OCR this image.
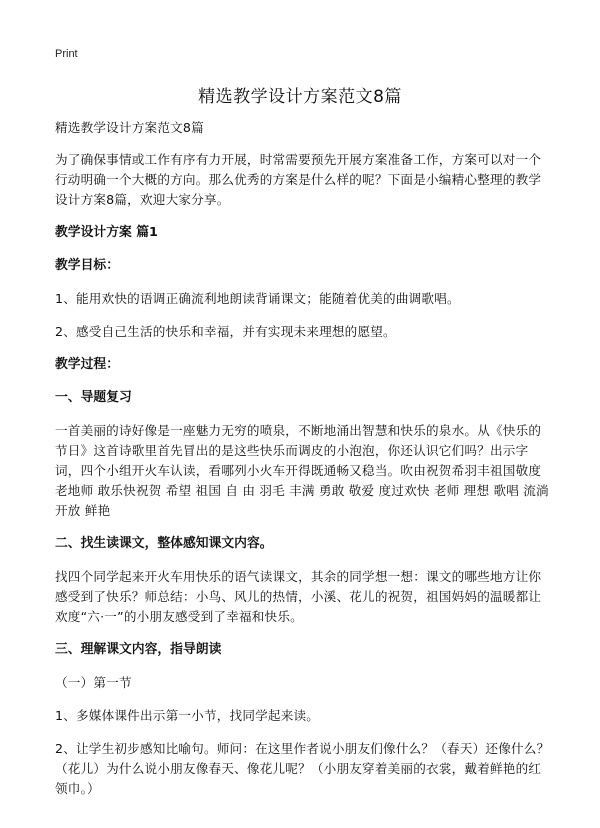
Print
精选教学设计方案范文8篇
精选教学设计方案范文8篇
为了确保事情或工作有序有力开展，时常需要预先开展方案准备工作，方案可以对一个行动明确一个大概的方向。那么优秀的方案是什么样的呢？下面是小编精心整理的教学设计方案8篇，欢迎大家分享。
教学设计方案 篇1
教学目标：
1、能用欢快的语调正确流利地朗读背诵课文；能随着优美的曲调歌唱。
2、感受自己生活的快乐和幸福，并有实现未来理想的愿望。
教学过程：
一、导题复习
一首美丽的诗好像是一座魅力无穷的喷泉，不断地涌出智慧和快乐的泉水。从《快乐的节日》这首诗歌里首先冒出的是这些快乐而调皮的小泡泡，你还认识它们吗？出示字词，四个小组开火车认读，看哪列小火车开得既通畅又稳当。吹由祝贺希羽丰祖国敬度老地师 敢乐快祝贺 希望 祖国 自 由 羽毛 丰满 勇敢 敬爱 度过欢快 老师 理想 歌唱 流淌 开放 鲜艳
二、找生读课文，整体感知课文内容。
找四个同学起来开火车用快乐的语气读课文，其余的同学想一想：课文的哪些地方让你感受到了快乐？师总结：小鸟、风儿的热情，小溪、花儿的祝贺，祖国妈妈的温暖都让欢度“六·一”的小朋友感受到了幸福和快乐。
三、理解课文内容，指导朗读
（一）第一节
1、多媒体课件出示第一小节，找同学起来读。
2、让学生初步感知比喻句。师问：在这里作者说小朋友们像什么？（春天）还像什么？（花儿）为什么说小朋友像春天、像花儿呢？（小朋友穿着美丽的衣裳，戴着鲜艳的红领巾。）
